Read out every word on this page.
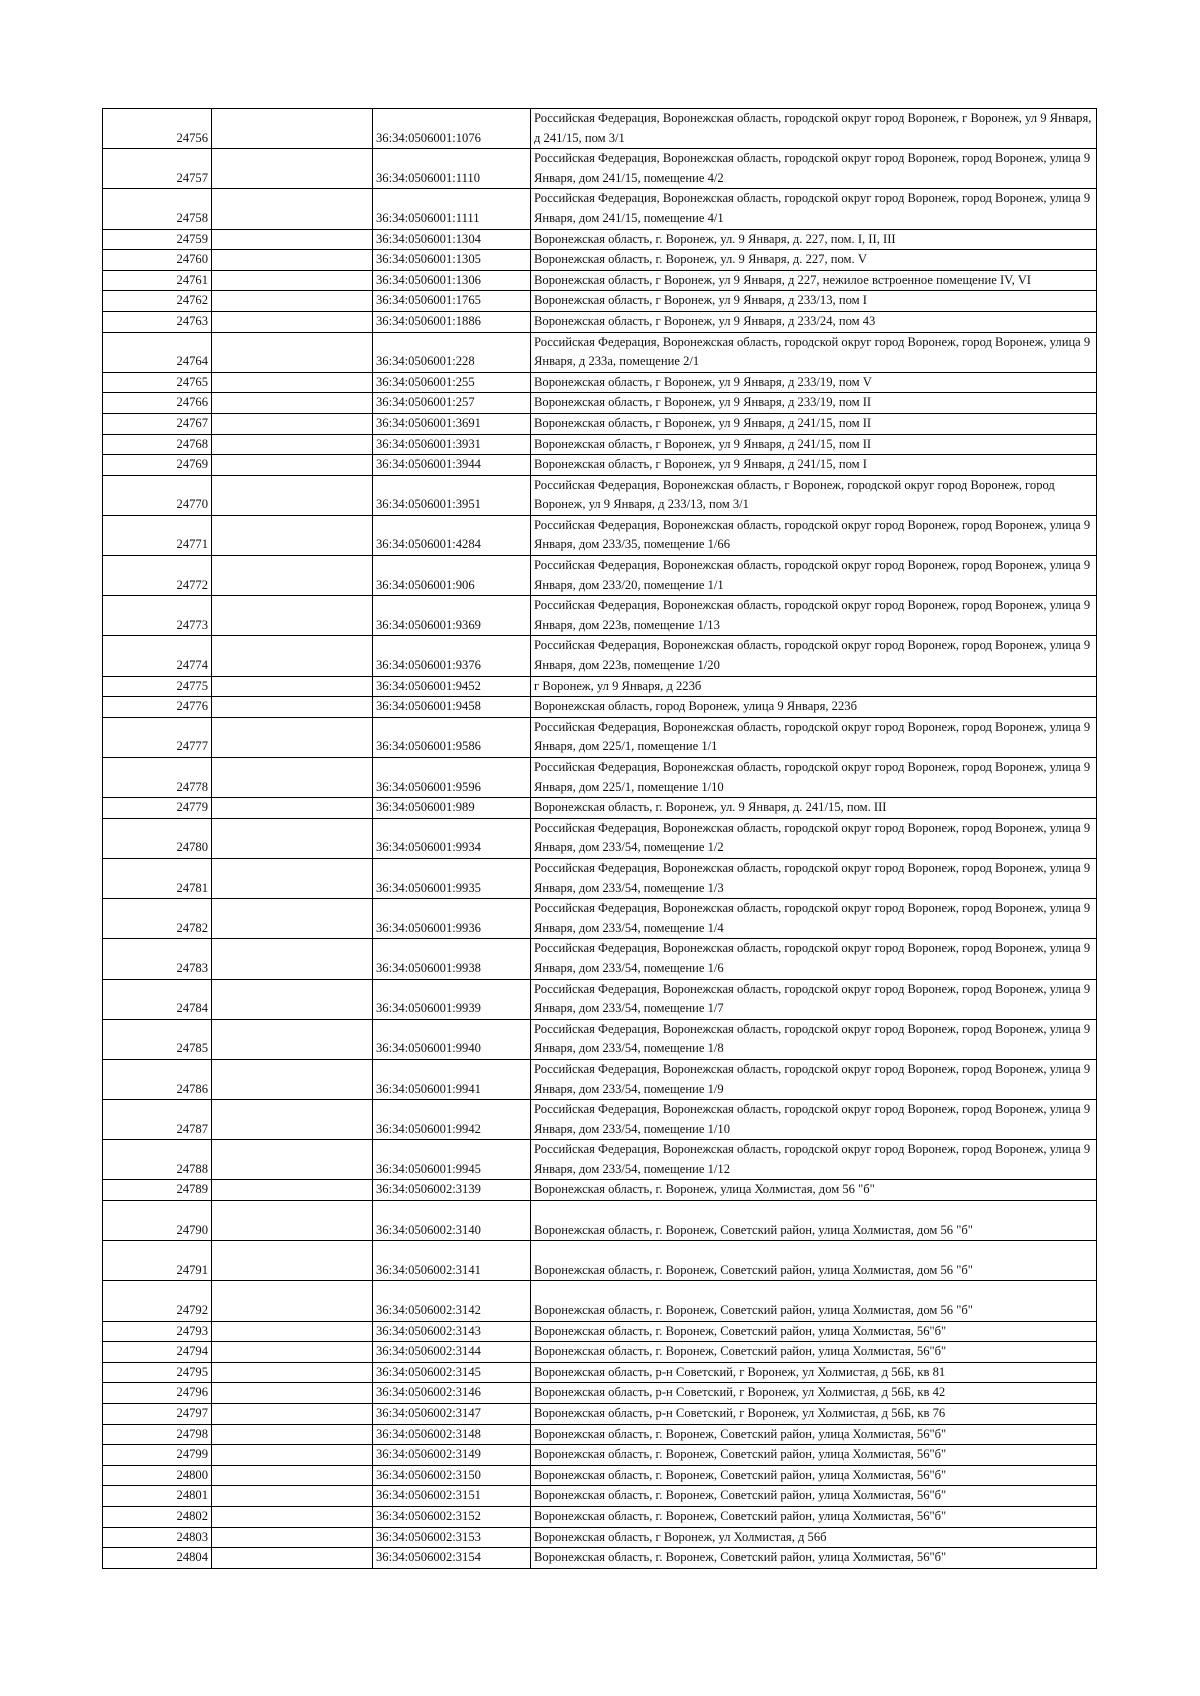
24756		36:34:0506001:1076	Российская Федерация, Воронежская область, городской округ город Воронеж, г Воронеж, ул 9 Января, д 241/15, пом 3/1
24757		36:34:0506001:1110	Российская Федерация, Воронежская область, городской округ город Воронеж, город Воронеж, улица 9 Января, дом 241/15, помещение 4/2
24758		36:34:0506001:1111	Российская Федерация, Воронежская область, городской округ город Воронеж, город Воронеж, улица 9 Января, дом 241/15, помещение 4/1
24759		36:34:0506001:1304	Воронежская область, г. Воронеж, ул. 9 Января, д. 227, пом. I, II, III
24760		36:34:0506001:1305	Воронежская область, г. Воронеж, ул. 9 Января, д. 227, пом. V
24761		36:34:0506001:1306	Воронежская область, г Воронеж, ул 9 Января, д 227, нежилое встроенное помещение IV, VI
24762		36:34:0506001:1765	Воронежская область, г Воронеж, ул 9 Января, д 233/13, пом I
24763		36:34:0506001:1886	Воронежская область, г Воронеж, ул 9 Января, д 233/24, пом 43
24764		36:34:0506001:228	Российская Федерация, Воронежская область, городской округ город Воронеж, город Воронеж, улица 9 Января, д 233а, помещение 2/1
24765		36:34:0506001:255	Воронежская область, г Воронеж, ул 9 Января, д 233/19, пом V
24766		36:34:0506001:257	Воронежская область, г Воронеж, ул 9 Января, д 233/19, пом II
24767		36:34:0506001:3691	Воронежская область, г Воронеж, ул 9 Января, д 241/15, пом II
24768		36:34:0506001:3931	Воронежская область, г Воронеж, ул 9 Января, д 241/15, пом II
24769		36:34:0506001:3944	Воронежская область, г Воронеж, ул 9 Января, д 241/15, пом I
24770		36:34:0506001:3951	Российская Федерация, Воронежская область, г Воронеж, городской округ город Воронеж, город Воронеж, ул 9 Января, д 233/13, пом 3/1
24771		36:34:0506001:4284	Российская Федерация, Воронежская область, городской округ город Воронеж, город Воронеж, улица 9 Января, дом 233/35, помещение 1/66
24772		36:34:0506001:906	Российская Федерация, Воронежская область, городской округ город Воронеж, город Воронеж, улица 9 Января, дом 233/20, помещение 1/1
24773		36:34:0506001:9369	Российская Федерация, Воронежская область, городской округ город Воронеж, город Воронеж, улица 9 Января, дом 223в, помещение 1/13
24774		36:34:0506001:9376	Российская Федерация, Воронежская область, городской округ город Воронеж, город Воронеж, улица 9 Января, дом 223в, помещение 1/20
24775		36:34:0506001:9452	г Воронеж, ул 9 Января, д 223б
24776		36:34:0506001:9458	Воронежская область, город Воронеж, улица 9 Января, 223б
24777		36:34:0506001:9586	Российская Федерация, Воронежская область, городской округ город Воронеж, город Воронеж, улица 9 Января, дом 225/1, помещение 1/1
24778		36:34:0506001:9596	Российская Федерация, Воронежская область, городской округ город Воронеж, город Воронеж, улица 9 Января, дом 225/1, помещение 1/10
24779		36:34:0506001:989	Воронежская область, г. Воронеж, ул. 9 Января, д. 241/15, пом. III
24780		36:34:0506001:9934	Российская Федерация, Воронежская область, городской округ город Воронеж, город Воронеж, улица 9 Января, дом 233/54, помещение 1/2
24781		36:34:0506001:9935	Российская Федерация, Воронежская область, городской округ город Воронеж, город Воронеж, улица 9 Января, дом 233/54, помещение 1/3
24782		36:34:0506001:9936	Российская Федерация, Воронежская область, городской округ город Воронеж, город Воронеж, улица 9 Января, дом 233/54, помещение 1/4
24783		36:34:0506001:9938	Российская Федерация, Воронежская область, городской округ город Воронеж, город Воронеж, улица 9 Января, дом 233/54, помещение 1/6
24784		36:34:0506001:9939	Российская Федерация, Воронежская область, городской округ город Воронеж, город Воронеж, улица 9 Января, дом 233/54, помещение 1/7
24785		36:34:0506001:9940	Российская Федерация, Воронежская область, городской округ город Воронеж, город Воронеж, улица 9 Января, дом 233/54, помещение 1/8
24786		36:34:0506001:9941	Российская Федерация, Воронежская область, городской округ город Воронеж, город Воронеж, улица 9 Января, дом 233/54, помещение 1/9
24787		36:34:0506001:9942	Российская Федерация, Воронежская область, городской округ город Воронеж, город Воронеж, улица 9 Января, дом 233/54, помещение 1/10
24788		36:34:0506001:9945	Российская Федерация, Воронежская область, городской округ город Воронеж, город Воронеж, улица 9 Января, дом 233/54, помещение 1/12
24789		36:34:0506002:3139	Воронежская область, г. Воронеж, улица Холмистая, дом 56 "б"
24790		36:34:0506002:3140	Воронежская область, г. Воронеж, Советский район, улица Холмистая, дом 56 "б"
24791		36:34:0506002:3141	Воронежская область, г. Воронеж, Советский район, улица Холмистая, дом 56 "б"
24792		36:34:0506002:3142	Воронежская область, г. Воронеж, Советский район, улица Холмистая, дом 56 "б"
24793		36:34:0506002:3143	Воронежская область, г. Воронеж, Советский район, улица Холмистая, 56"б"
24794		36:34:0506002:3144	Воронежская область, г. Воронеж, Советский район, улица Холмистая, 56"б"
24795		36:34:0506002:3145	Воронежская область, р-н Советский, г Воронеж, ул Холмистая, д 56Б, кв 81
24796		36:34:0506002:3146	Воронежская область, р-н Советский, г Воронеж, ул Холмистая, д 56Б, кв 42
24797		36:34:0506002:3147	Воронежская область, р-н Советский, г Воронеж, ул Холмистая, д 56Б, кв 76
24798		36:34:0506002:3148	Воронежская область, г. Воронеж, Советский район, улица Холмистая, 56"б"
24799		36:34:0506002:3149	Воронежская область, г. Воронеж, Советский район, улица Холмистая, 56"б"
24800		36:34:0506002:3150	Воронежская область, г. Воронеж, Советский район, улица Холмистая, 56"б"
24801		36:34:0506002:3151	Воронежская область, г. Воронеж, Советский район, улица Холмистая, 56"б"
24802		36:34:0506002:3152	Воронежская область, г. Воронеж, Советский район, улица Холмистая, 56"б"
24803		36:34:0506002:3153	Воронежская область, г Воронеж, ул Холмистая, д 56б
24804		36:34:0506002:3154	Воронежская область, г. Воронеж, Советский район, улица Холмистая, 56"б"
